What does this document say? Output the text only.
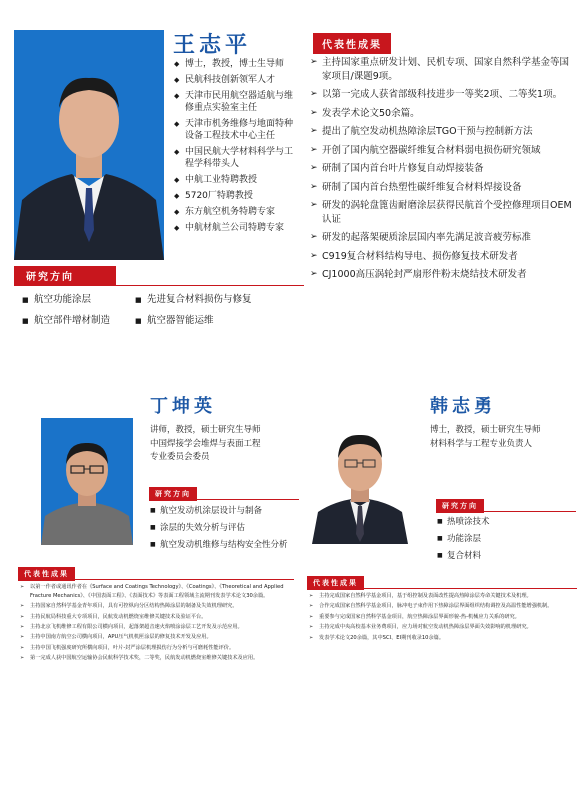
王志平
◆ 博士，教授，博士生导师
◆ 民航科技创新领军人才
◆ 天津市民用航空器适航与维修重点实验室主任
◆ 天津市机务维修与地面特种设备工程技术中心主任
◆ 中国民航大学材料科学与工程学科带头人
◆ 中航工业特聘教授
◆ 5720厂特聘教授
◆ 东方航空机务特聘专家
◆ 中航材航兰公司特聘专家
代表性成果
➢ 主持国家重点研发计划、民机专项、国家自然科学基金等国家项目/课题9项。
➢ 以第一完成人获省部级科技进步一等奖2项、二等奖1项。
➢ 发表学术论文50余篇。
➢ 提出了航空发动机热障涂层TGO干预与控制新方法
➢ 开创了国内航空器碳纤维复合材料弱电损伤研究领域
➢ 研制了国内首台叶片修复自动焊接装备
➢ 研制了国内首台热塑性碳纤维复合材料焊接设备
➢ 研发的涡轮盘篦齿耐磨涂层获得民航首个受控修理项目OEM认证
➢ 研发的起落架硬质涂层国内率先满足波音疲劳标准
➢ C919复合材料结构导电、损伤修复技术研发者
➢ CJ1000高压涡轮封严扇形件粉末烧结技术研发者
研究方向
■ 航空功能涂层
■ 航空部件增材制造
■ 先进复合材料损伤与修复
■ 航空器智能运维
丁坤英
讲师，教授，硕士研究生导师
中国焊接学会堆焊与表面工程
专业委员会委员
研究方向
■ 航空发动机涂层设计与制备
■ 涂层的失效分析与评估
■ 航空发动机维修与结构安全性分析
代表性成果
➢ 以第一作者或通讯作者在《Surface and Coatings Technology》、《Coatings》、《Theoretical and Applied Fracture Mechanics》、《中国表面工程》、《表面技术》等表面工程领域主流期刊发表学术论文30余篇。
➢ 主持国家自然科学基金青年项目，具有可控纵向分区结构热障涂层的制备及失效机理研究。
➢ 主持民航局科技重大专项项目，民航发动机燃烧室维修关键技术及验证平台。
➢ 主持北京飞机维修工程有限公司横向项目，起落架超音速火焰喷涂涂层工艺开发及示范应用。
➢ 主持中国南方航空公司横向项目，APU压气机机匣涂层的修复技术开发及应用。
➢ 主持中国飞机强度研究所横向项目，叶片-封严涂层机理损伤行为分析与可磨耗性能评价。
➢ 第一完成人获中国航空运输协会民航科学技术奖，二等奖，民航发动机燃烧室维修关键技术及应用。
韩志勇
博士，教授，硕士研究生导师
材料科学与工程专业负责人
研究方向
■ 热喷涂技术
■ 功能涂层
■ 复合材料
代表性成果
➢ 主持完成国家自然科学基金项目，基于组控制及表面改性提高热障涂层寿命关键技术及机理。
➢ 合作完成国家自然科学基金项目，脉冲电子束作用下热障涂层界面组织结构调控及高温性能增强机制。
➢ 重要参与完成国家自然科学基金项目，航空热障涂层界面形貌-热-机械应力关系的研究。
➢ 主持完成中央高校基本业务费项目，应力场对航空发动机热障涂层界面失效影响的机理研究。
➢ 发表学术论文20余篇，其中SCI、EI期刊收录10余篇。
